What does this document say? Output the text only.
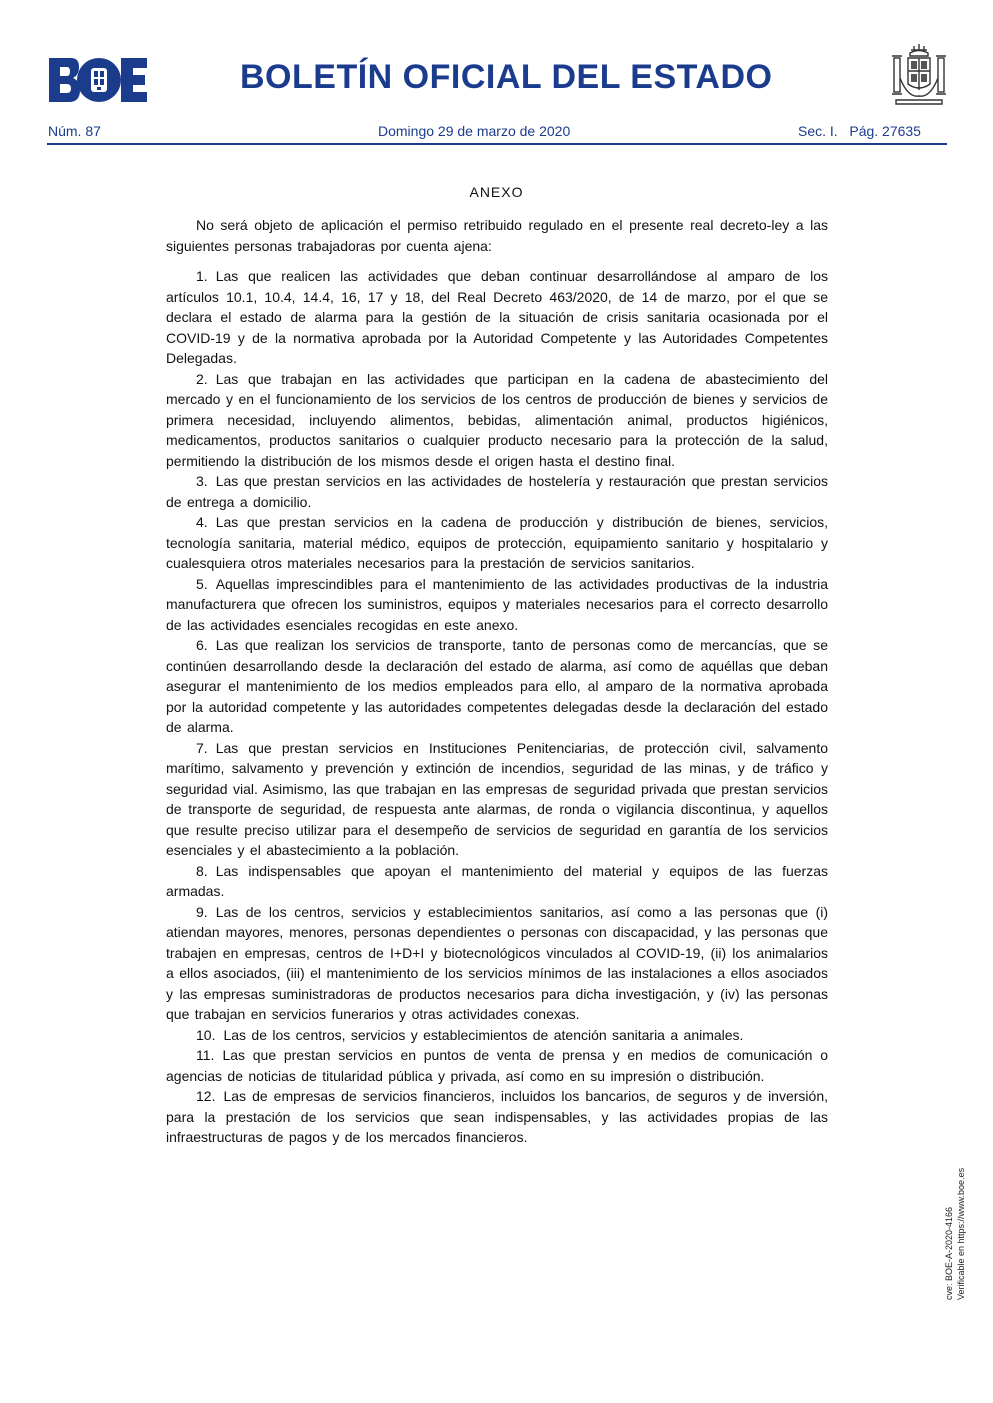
BOLETÍN OFICIAL DEL ESTADO
Núm. 87	Domingo 29 de marzo de 2020	Sec. I.   Pág. 27635
ANEXO

No será objeto de aplicación el permiso retribuido regulado en el presente real decreto-ley a las siguientes personas trabajadoras por cuenta ajena:

1. Las que realicen las actividades que deban continuar desarrollándose al amparo de los artículos 10.1, 10.4, 14.4, 16, 17 y 18, del Real Decreto 463/2020, de 14 de marzo, por el que se declara el estado de alarma para la gestión de la situación de crisis sanitaria ocasionada por el COVID-19 y de la normativa aprobada por la Autoridad Competente y las Autoridades Competentes Delegadas.

2. Las que trabajan en las actividades que participan en la cadena de abastecimiento del mercado y en el funcionamiento de los servicios de los centros de producción de bienes y servicios de primera necesidad, incluyendo alimentos, bebidas, alimentación animal, productos higiénicos, medicamentos, productos sanitarios o cualquier producto necesario para la protección de la salud, permitiendo la distribución de los mismos desde el origen hasta el destino final.

3. Las que prestan servicios en las actividades de hostelería y restauración que prestan servicios de entrega a domicilio.

4. Las que prestan servicios en la cadena de producción y distribución de bienes, servicios, tecnología sanitaria, material médico, equipos de protección, equipamiento sanitario y hospitalario y cualesquiera otros materiales necesarios para la prestación de servicios sanitarios.

5. Aquellas imprescindibles para el mantenimiento de las actividades productivas de la industria manufacturera que ofrecen los suministros, equipos y materiales necesarios para el correcto desarrollo de las actividades esenciales recogidas en este anexo.

6. Las que realizan los servicios de transporte, tanto de personas como de mercancías, que se continúen desarrollando desde la declaración del estado de alarma, así como de aquéllas que deban asegurar el mantenimiento de los medios empleados para ello, al amparo de la normativa aprobada por la autoridad competente y las autoridades competentes delegadas desde la declaración del estado de alarma.

7. Las que prestan servicios en Instituciones Penitenciarias, de protección civil, salvamento marítimo, salvamento y prevención y extinción de incendios, seguridad de las minas, y de tráfico y seguridad vial. Asimismo, las que trabajan en las empresas de seguridad privada que prestan servicios de transporte de seguridad, de respuesta ante alarmas, de ronda o vigilancia discontinua, y aquellos que resulte preciso utilizar para el desempeño de servicios de seguridad en garantía de los servicios esenciales y el abastecimiento a la población.

8. Las indispensables que apoyan el mantenimiento del material y equipos de las fuerzas armadas.

9. Las de los centros, servicios y establecimientos sanitarios, así como a las personas que (i) atiendan mayores, menores, personas dependientes o personas con discapacidad, y las personas que trabajen en empresas, centros de I+D+I y biotecnológicos vinculados al COVID-19, (ii) los animalarios a ellos asociados, (iii) el mantenimiento de los servicios mínimos de las instalaciones a ellos asociados y las empresas suministradoras de productos necesarios para dicha investigación, y (iv) las personas que trabajan en servicios funerarios y otras actividades conexas.

10. Las de los centros, servicios y establecimientos de atención sanitaria a animales.

11. Las que prestan servicios en puntos de venta de prensa y en medios de comunicación o agencias de noticias de titularidad pública y privada, así como en su impresión o distribución.

12. Las de empresas de servicios financieros, incluidos los bancarios, de seguros y de inversión, para la prestación de los servicios que sean indispensables, y las actividades propias de las infraestructuras de pagos y de los mercados financieros.

cve: BOE-A-2020-4166 Verificable en https://www.boe.es
